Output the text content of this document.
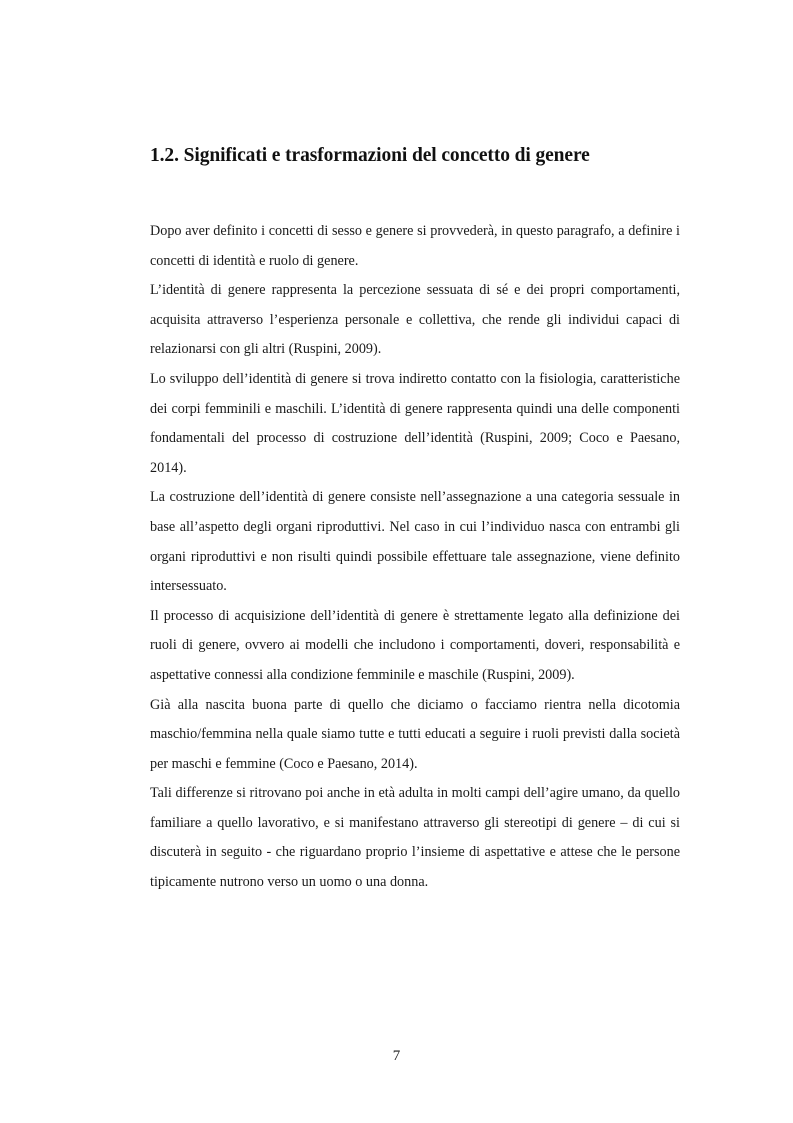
1.2. Significati e trasformazioni del concetto di genere

Dopo aver definito i concetti di sesso e genere si provvederà, in questo paragrafo, a definire i concetti di identità e ruolo di genere.

L’identità di genere rappresenta la percezione sessuata di sé e dei propri comportamenti, acquisita attraverso l’esperienza personale e collettiva, che rende gli individui capaci di relazionarsi con gli altri (Ruspini, 2009).

Lo sviluppo dell’identità di genere si trova indiretto contatto con la fisiologia, caratteristiche dei corpi femminili e maschili. L’identità di genere rappresenta quindi una delle componenti fondamentali del processo di costruzione dell’identità (Ruspini, 2009; Coco e Paesano, 2014).

La costruzione dell’identità di genere consiste nell’assegnazione a una categoria sessuale in base all’aspetto degli organi riproduttivi. Nel caso in cui l’individuo nasca con entrambi gli organi riproduttivi e non risulti quindi possibile effettuare tale assegnazione, viene definito intersessuato.

Il processo di acquisizione dell’identità di genere è strettamente legato alla definizione dei ruoli di genere, ovvero ai modelli che includono i comportamenti, doveri, responsabilità e aspettative connessi alla condizione femminile e maschile (Ruspini, 2009).

Già alla nascita buona parte di quello che diciamo o facciamo rientra nella dicotomia maschio/femmina nella quale siamo tutte e tutti educati a seguire i ruoli previsti dalla società per maschi e femmine (Coco e Paesano, 2014).

Tali differenze si ritrovano poi anche in età adulta in molti campi dell’agire umano, da quello familiare a quello lavorativo, e si manifestano attraverso gli stereotipi di genere – di cui si discuterà in seguito - che riguardano proprio l’insieme di aspettative e attese che le persone tipicamente nutrono verso un uomo o una donna.

7
